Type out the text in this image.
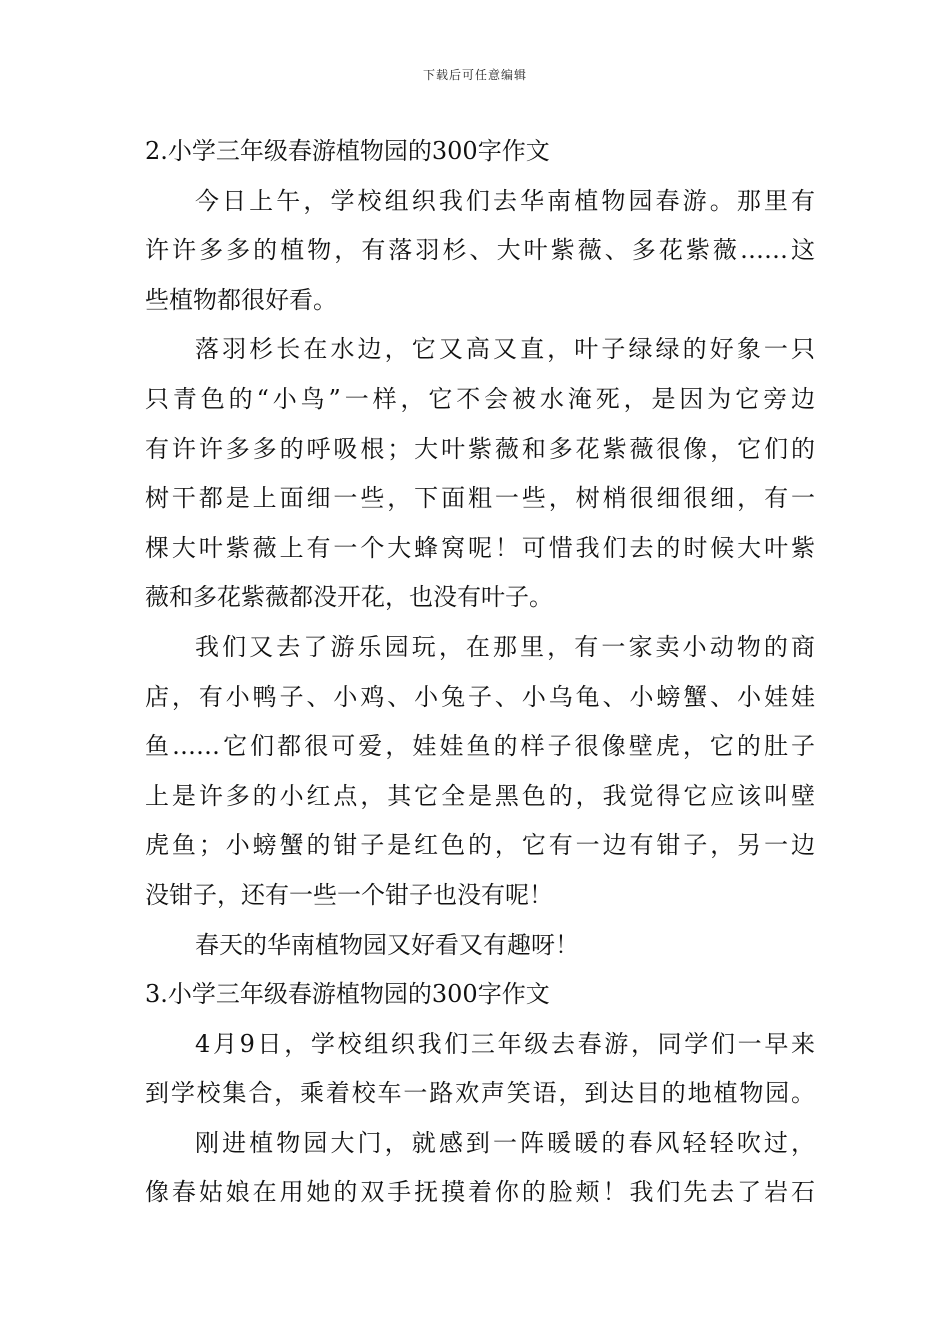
下载后可任意编辑
2.小学三年级春游植物园的300字作文
今日上午，学校组织我们去华南植物园春游。那里有
许许多多的植物，有落羽杉、大叶紫薇、多花紫薇……这
些植物都很好看。
落羽杉长在水边，它又高又直，叶子绿绿的好象一只
只青色的“小鸟”一样，它不会被水淹死，是因为它旁边
有许许多多的呼吸根；大叶紫薇和多花紫薇很像，它们的
树干都是上面细一些，下面粗一些，树梢很细很细，有一
棵大叶紫薇上有一个大蜂窝呢！可惜我们去的时候大叶紫
薇和多花紫薇都没开花，也没有叶子。
我们又去了游乐园玩，在那里，有一家卖小动物的商
店，有小鸭子、小鸡、小兔子、小乌龟、小螃蟹、小娃娃
鱼……它们都很可爱，娃娃鱼的样子很像壁虎，它的肚子
上是许多的小红点，其它全是黑色的，我觉得它应该叫壁
虎鱼；小螃蟹的钳子是红色的，它有一边有钳子，另一边
没钳子，还有一些一个钳子也没有呢！
春天的华南植物园又好看又有趣呀！
3.小学三年级春游植物园的300字作文
4月9日，学校组织我们三年级去春游，同学们一早来
到学校集合，乘着校车一路欢声笑语，到达目的地植物园。
刚进植物园大门，就感到一阵暖暖的春风轻轻吹过，
像春姑娘在用她的双手抚摸着你的脸颊！我们先去了岩石
